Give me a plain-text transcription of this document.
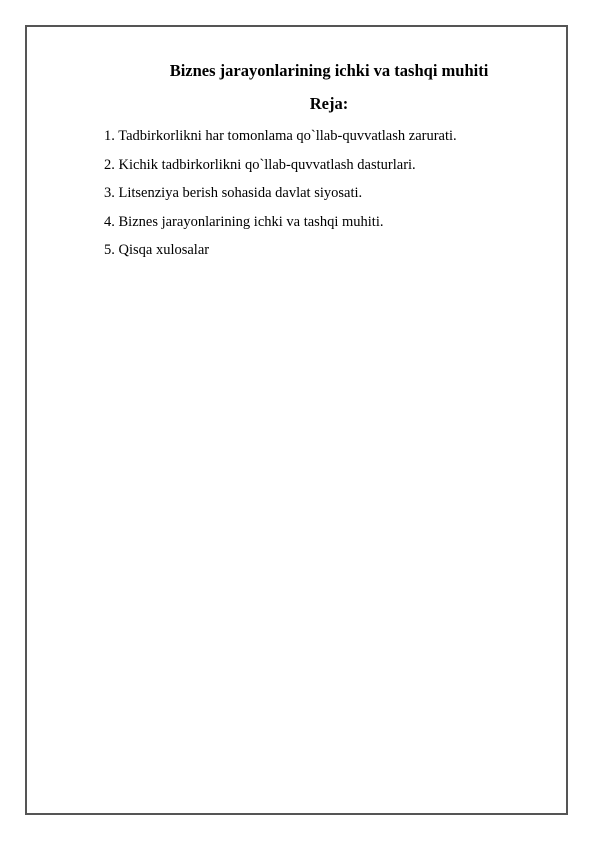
Biznes jarayonlarining ichki va tashqi muhiti
Reja:
1. Tadbirkorlikni har tomonlama qo`llab-quvvatlash zarurati.
2. Kichik tadbirkorlikni qo`llab-quvvatlash dasturlari.
3. Litsenziya berish sohasida davlat siyosati.
4. Biznes jarayonlarining ichki va tashqi muhiti.
5. Qisqa xulosalar
